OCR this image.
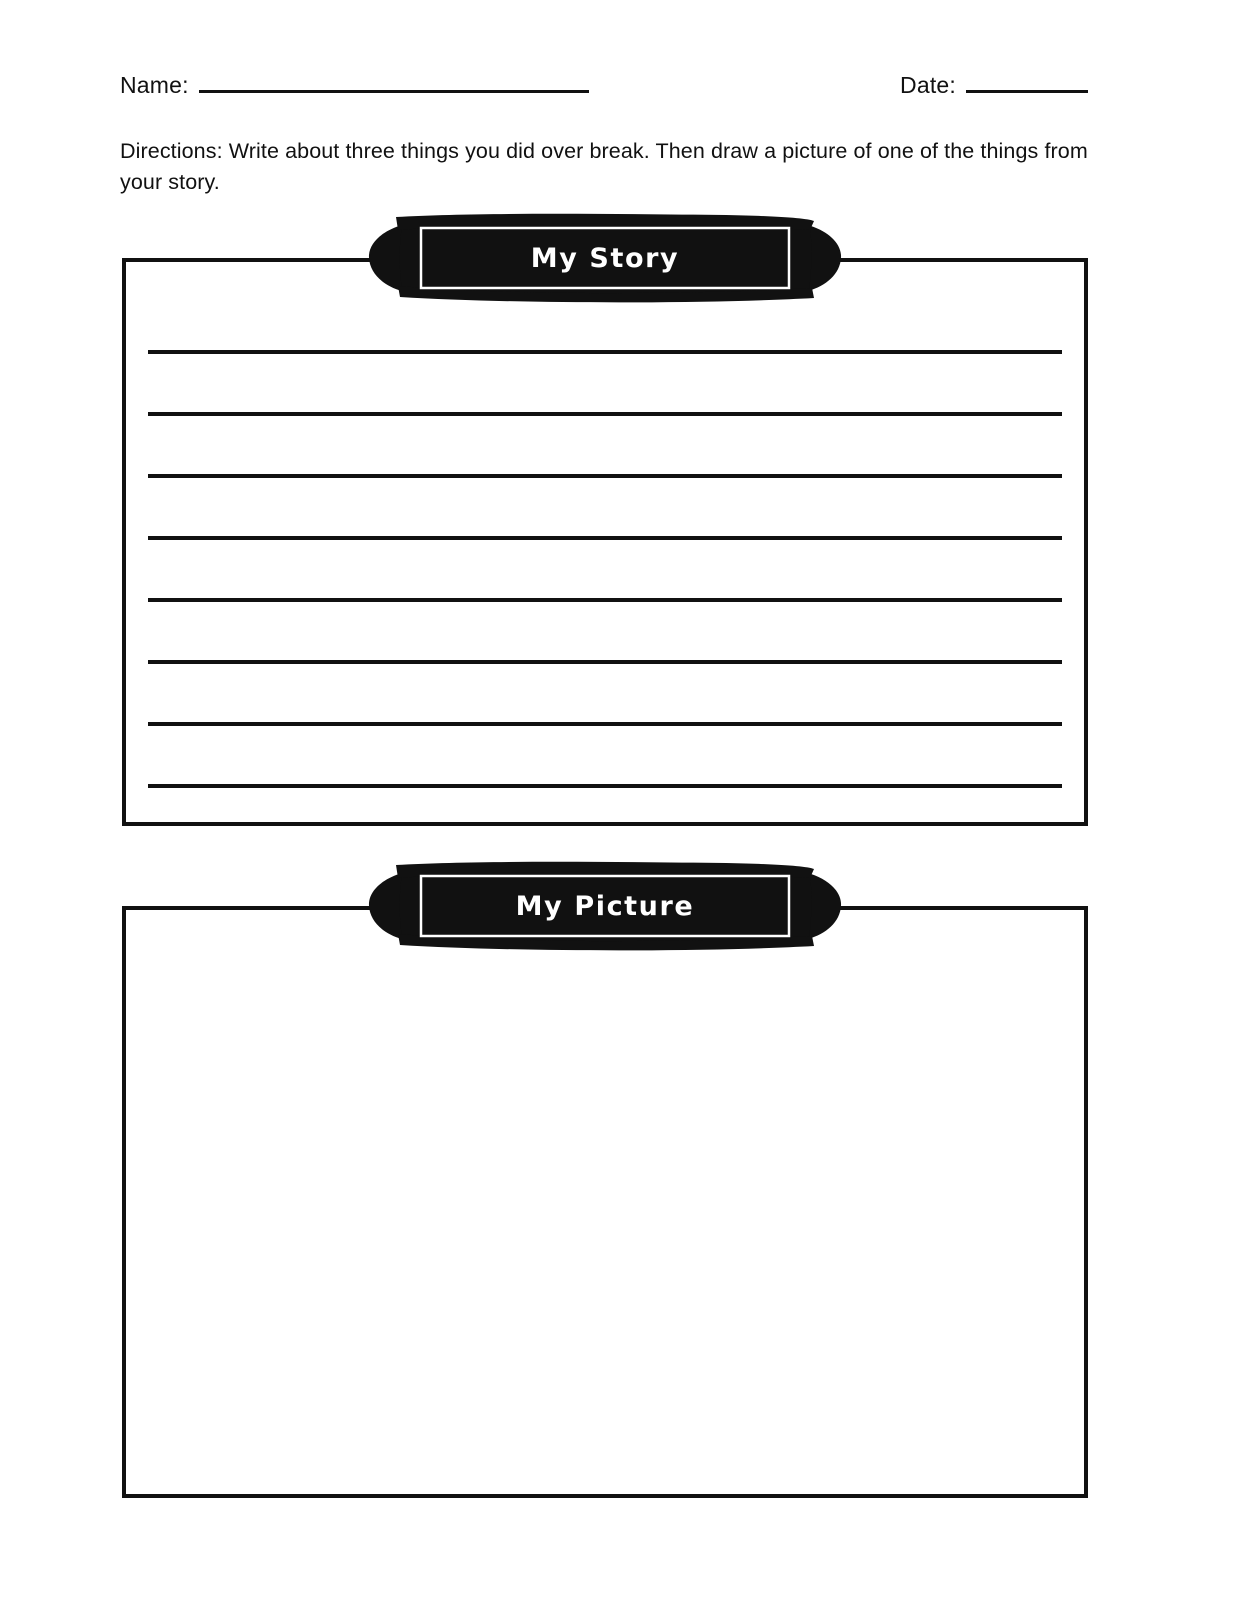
Name:	Date:
Directions: Write about three things you did over break. Then draw a picture of one of the things from your story.
My Story
My Picture
